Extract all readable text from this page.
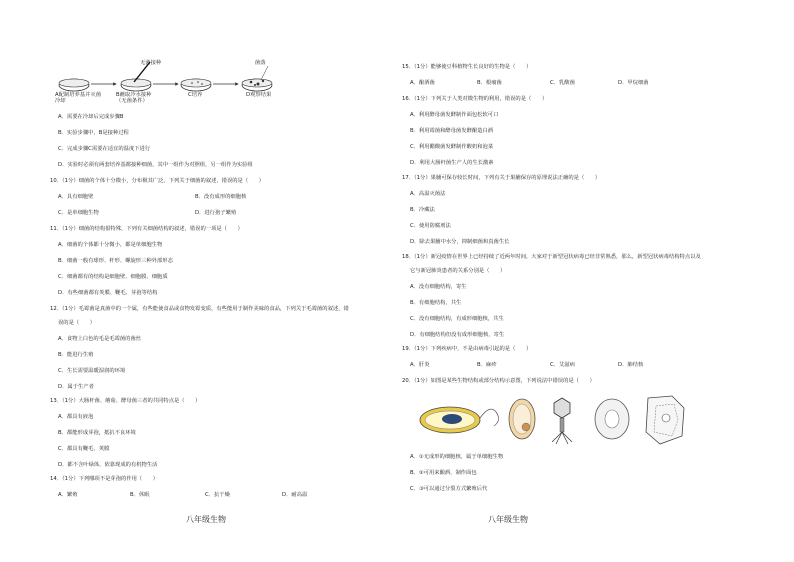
无菌接种	菌落
A配制培养基并灭菌冷却
B蘸取冷水接种（无菌条件）
C培养	D观察结果
A．需要在冷却后完成步骤B
B．实验步骤中，B是接种过程
C．完成步骤C需要在适宜的温度下进行
D．实验时必须有两套培养基都接种细菌，其中一组作为对照组，另一组作为实验组
10．（1分）细菌的个体十分微小，分布极其广泛，下列关于细菌的叙述，错误的是（　　）
A．具有细胞壁	B．没有成形的细胞核
C．是单细胞生物	D．进行孢子繁殖
11．（1分）细菌的结构很特殊，下列有关细菌结构的叙述，错误的一项是（　　）
A．细菌的个体都十分微小，都是单细胞生物
B．细菌一般有球形、杆形、螺旋形三种外部形态
C．细菌都有的结构是细胞壁、细胞膜、细胞质
D．有些细菌都有荚膜、鞭毛、芽孢等结构
12．（1分）毛霉菌是真菌中的一个属，有些能使食品或食物发霉变质，有些能用于制作美味的食品，下列关于毛霉菌的叙述，错
误的是（　　）
A．食物上白色的毛是毛霉菌的菌丝
B．能进行生殖
C．生长需要温暖湿润的环境
D．属于生产者
13．（1分）大肠杆菌、蘑菇、酵母菌三者的共同特点是（　　）
A．都具有液泡
B．都能形成芽孢，抵抗不良环境
C．都具有鞭毛、荚膜
D．都不含叶绿体，依靠现成的有机物生活
14．（1分）下列哪项不是芽孢的作用（　　）
A．繁殖	B．休眠	C．抗干燥	D．耐高温
八年级生物
15．（1分）能够使豆科植物生长良好的生物是（　　）
A．酿酒菌	B．根瘤菌	C．乳酸菌	D．甲烷细菌
16．（1分）下列关于人类对微生物的利用，错误的是（　　）
A．利用酵母菌发酵制作面包松软可口
B．利用霉菌和酵母菌发酵酿造白酒
C．利用醋酸菌发酵制作酸奶和泡菜
D．利用大肠杆菌生产人的生长激素
17．（1分）果脯可保存较长时间，下列有关于果脯保存的原理说法正确的是（　　）
A．高温灭菌法
B．冷藏法
C．使用防腐剂法
D．除去果脯中水分，抑制细菌和真菌生长
18．（1分）新冠疫情在世界上已经持续了近两年时间，大家对于新型冠状病毒已经非常熟悉，那么，新型冠状病毒结构特点以及
它与新冠肺炎患者的关系分别是（　　）
A．没有细胞结构，寄生
B．有细胞结构，共生
C．没有细胞结构，有成形细胞核，共生
D．有细胞结构但没有成形细胞核，寄生
19．（1分）下列疾病中，不是由病毒引起的是（　　）
A．肝炎	B．麻疹	C．艾滋病	D．肺结核
20．（1分）如图是某些生物结构或部分结构示意图，下列说法中错误的是（　　）
A．①无成形的细胞核，属于单细胞生物
B．②可用来酿酒、制作面包
C．③可以通过分裂方式繁殖后代
八年级生物
